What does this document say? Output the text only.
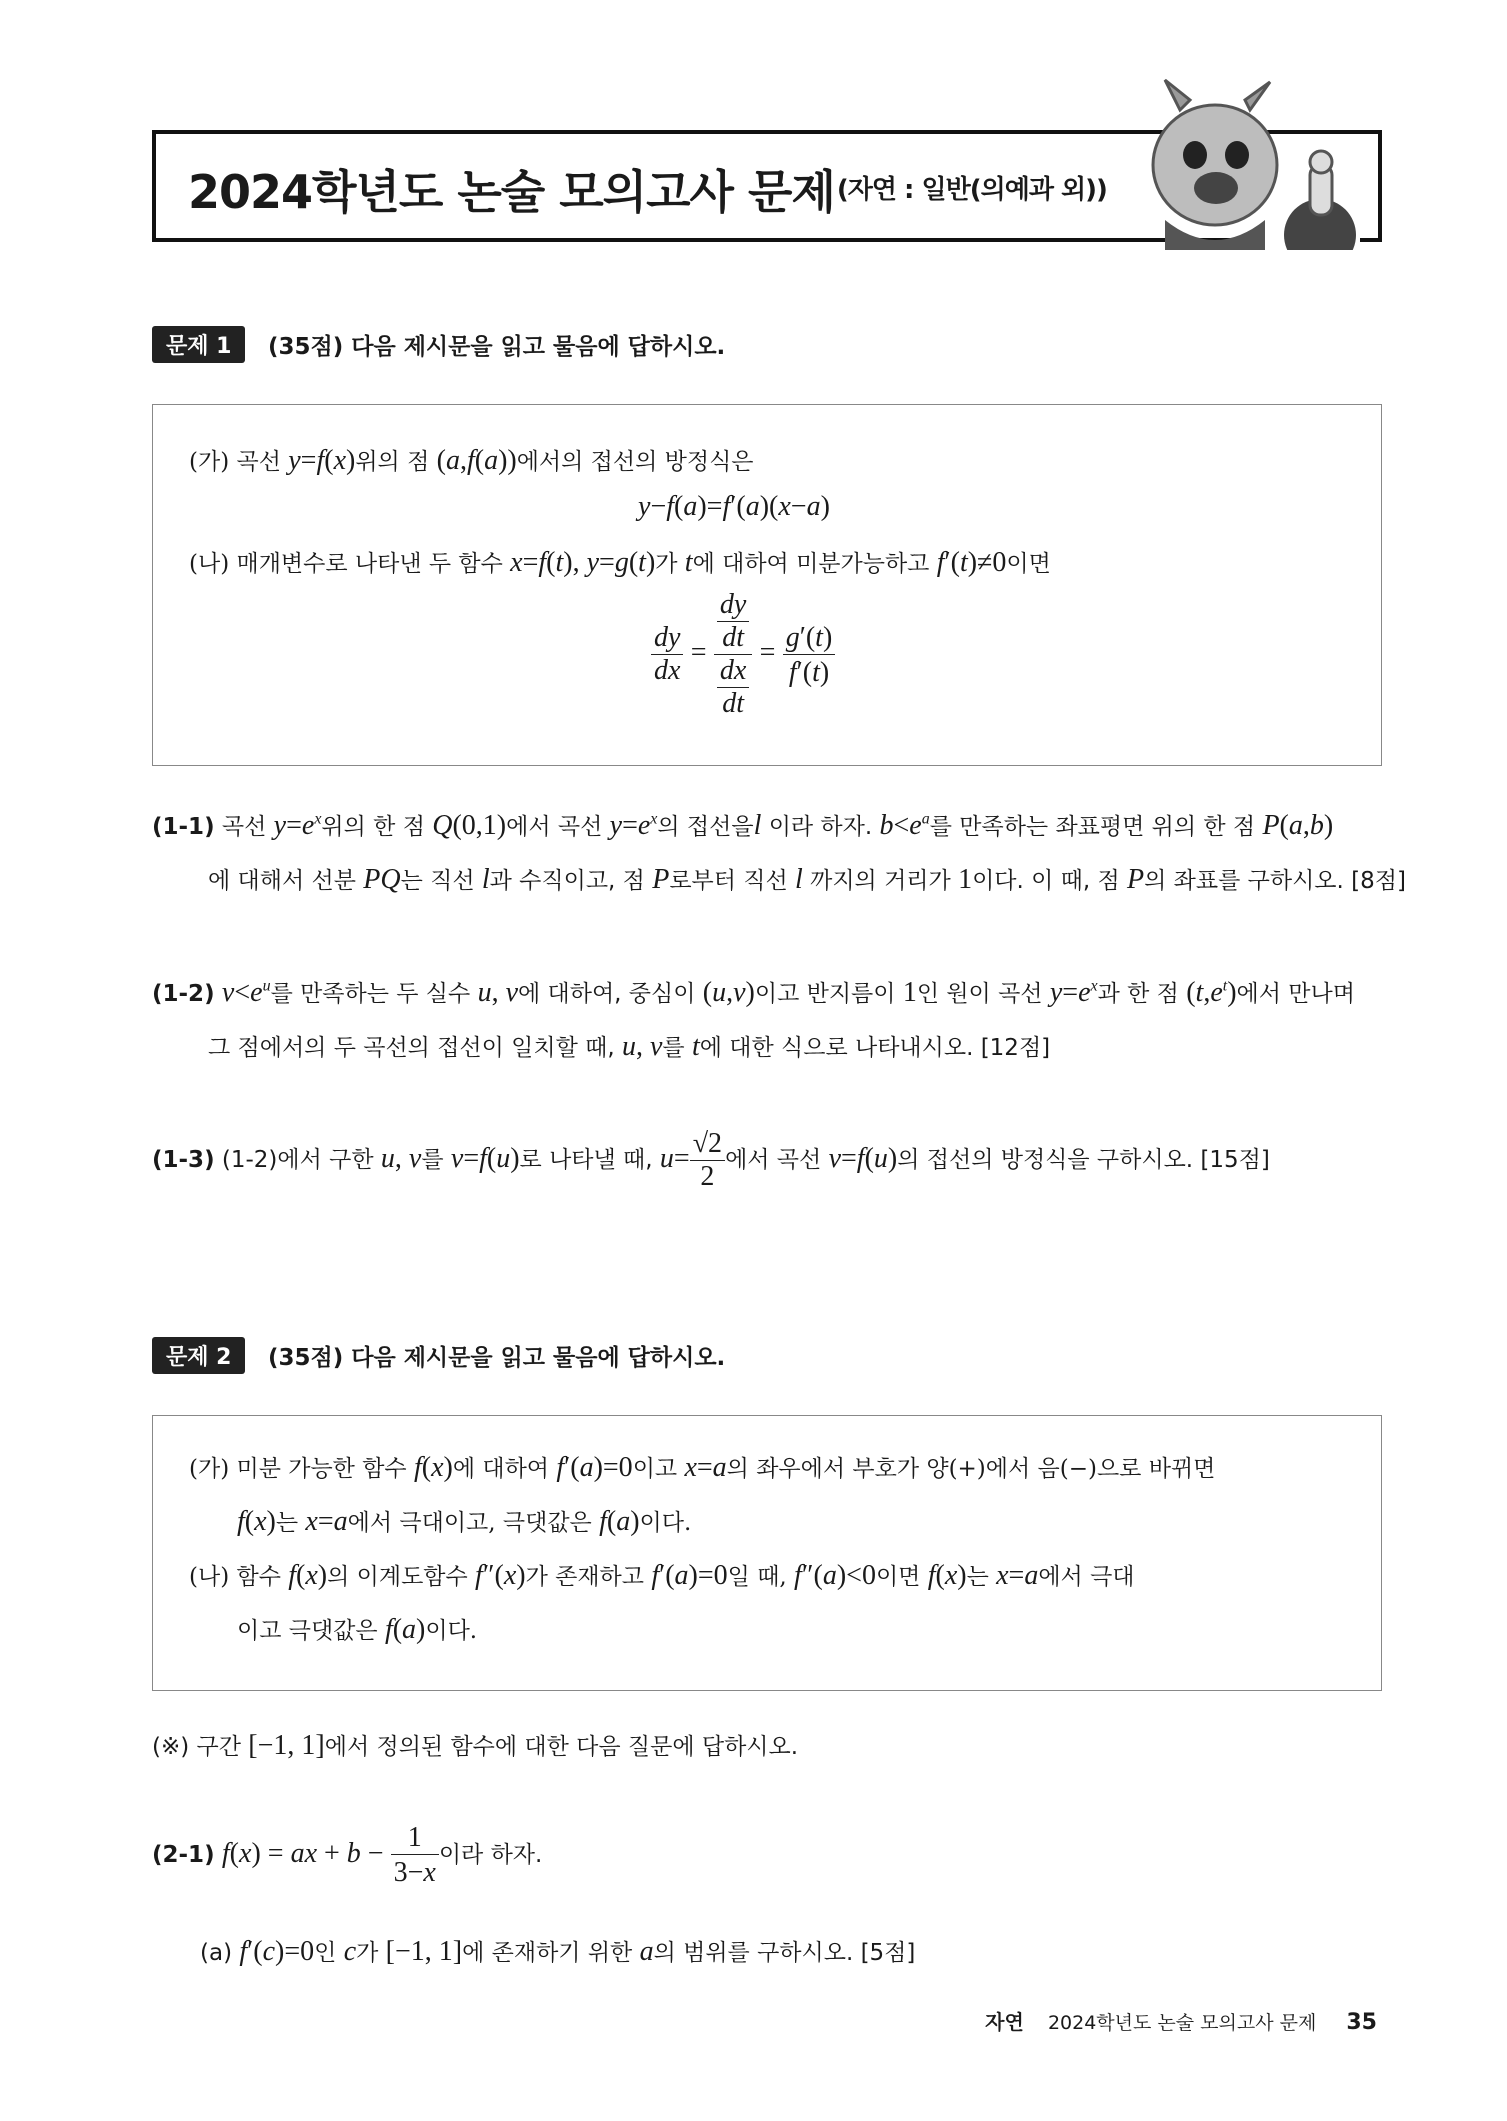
2024학년도 논술 모의고사 문제$^{(자연 : 일반(의예과 외))}$
문제 1	(35점) 다음 제시문을 읽고 물음에 답하시오.
(가) 곡선 y=f(x)위의 점 (a,f(a))에서의 접선의 방정식은
y−f(a)=f′(a)(x−a)
(나) 매개변수로 나타낸 두 함수 x=f(t), y=g(t)가 t에 대하여 미분가능하고 f′(t)≠0이면
$\frac{dy}{dx} = \frac{\frac{dy}{dt}}{\frac{dx}{dt}} = \frac{g'(t)}{f'(t)}$
(1-1) 곡선 $y=e^x$위의 한 점 Q(0,1)에서 곡선 $y=e^x$의 접선을l 이라 하자. $b<e^a$를 만족하는 좌표평면 위의 한 점 P(a,b)
에 대해서 선분 PQ는 직선 l과 수직이고, 점 P로부터 직선 l 까지의 거리가 1이다. 이 때, 점 P의 좌표를 구하시오. [8점]
(1-2) $v<e^u$를 만족하는 두 실수 u, v에 대하여, 중심이 (u,v)이고 반지름이 1인 원이 곡선 $y=e^x$과 한 점 $(t,e^t)$에서 만나며
그 점에서의 두 곡선의 접선이 일치할 때, u, v를 t에 대한 식으로 나타내시오. [12점]
(1-3) (1-2)에서 구한 u, v를 v=f(u)로 나타낼 때, $u= \frac{√2}{2}$ 에서 곡선 v=f(u)의 접선의 방정식을 구하시오. [15점]
문제 2	(35점) 다음 제시문을 읽고 물음에 답하시오.
(가) 미분 가능한 함수 f(x)에 대하여 f′(a)=0이고 x=a의 좌우에서 부호가 양(+)에서 음(−)으로 바뀌면
f(x)는 x=a에서 극대이고, 극댓값은 f(a)이다.
(나) 함수 f(x)의 이계도함수 f″(x)가 존재하고 f′(a)=0일 때, f″(a)<0이면 f(x)는 x=a에서 극대
이고 극댓값은 f(a)이다.
(※) 구간 [−1, 1]에서 정의된 함수에 대한 다음 질문에 답하시오.
(2-1) f(x) = ax + $b - \frac{1}{3-x}$ 이라 하자.
(a) f′(c)=0인 c가 [−1, 1]에 존재하기 위한 a의 범위를 구하시오. [5점]
자연 2024학년도 논술 모의고사 문제 35
